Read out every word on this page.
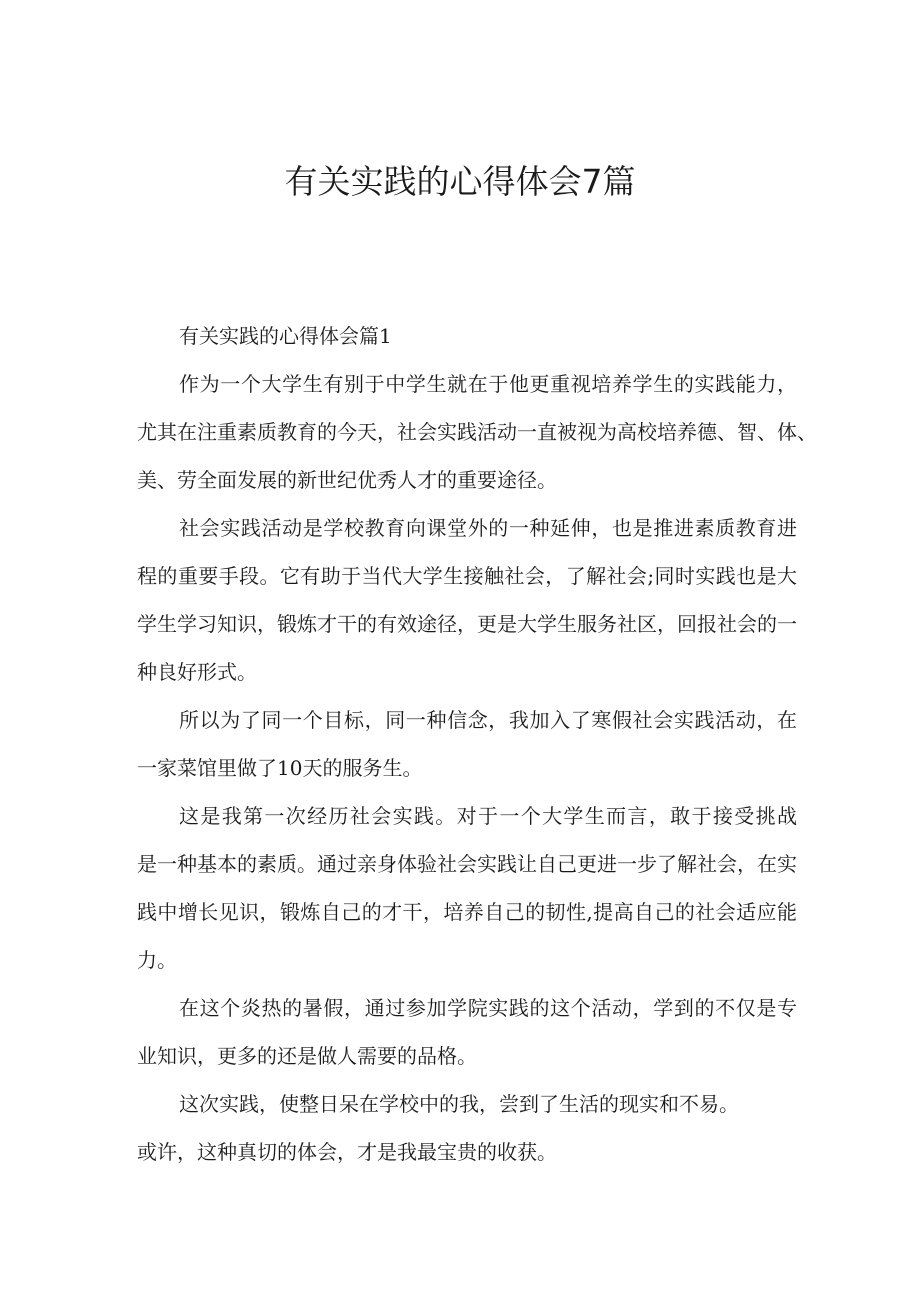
有关实践的心得体会7篇
有关实践的心得体会篇1
作为一个大学生有别于中学生就在于他更重视培养学生的实践能力，
尤其在注重素质教育的今天，社会实践活动一直被视为高校培养德、智、体、
美、劳全面发展的新世纪优秀人才的重要途径。
社会实践活动是学校教育向课堂外的一种延伸，也是推进素质教育进
程的重要手段。它有助于当代大学生接触社会，了解社会;同时实践也是大
学生学习知识，锻炼才干的有效途径，更是大学生服务社区，回报社会的一
种良好形式。
所以为了同一个目标，同一种信念，我加入了寒假社会实践活动，在
一家菜馆里做了10天的服务生。
这是我第一次经历社会实践。对于一个大学生而言，敢于接受挑战
是一种基本的素质。通过亲身体验社会实践让自己更进一步了解社会，在实
践中增长见识，锻炼自己的才干，培养自己的韧性,提高自己的社会适应能
力。
在这个炎热的暑假，通过参加学院实践的这个活动，学到的不仅是专
业知识，更多的还是做人需要的品格。
这次实践，使整日呆在学校中的我，尝到了生活的现实和不易。
或许，这种真切的体会，才是我最宝贵的收获。
